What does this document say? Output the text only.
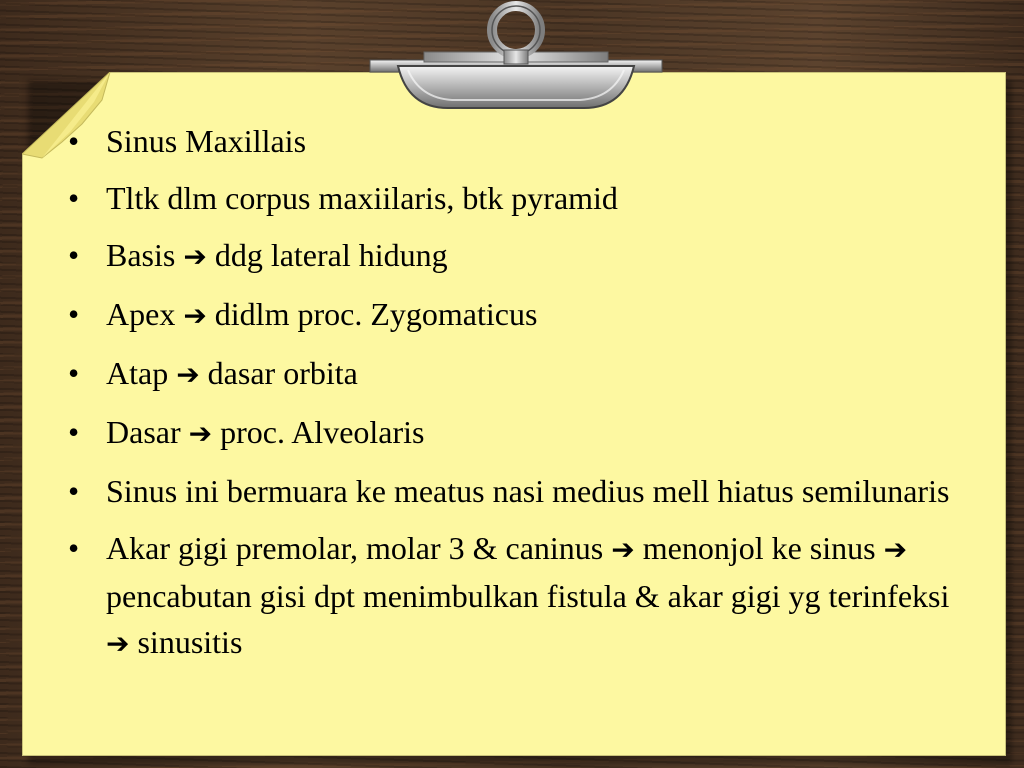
• Sinus Maxillais
• Tltk dlm corpus maxiilaris, btk pyramid
• Basis ➔ ddg lateral hidung
• Apex ➔ didlm proc. Zygomaticus
• Atap ➔ dasar orbita
• Dasar ➔ proc. Alveolaris
• Sinus ini bermuara ke meatus nasi medius mell hiatus semilunaris
• Akar gigi premolar, molar 3 & caninus ➔ menonjol ke sinus ➔ pencabutan gisi dpt menimbulkan fistula & akar gigi yg terinfeksi ➔ sinusitis
